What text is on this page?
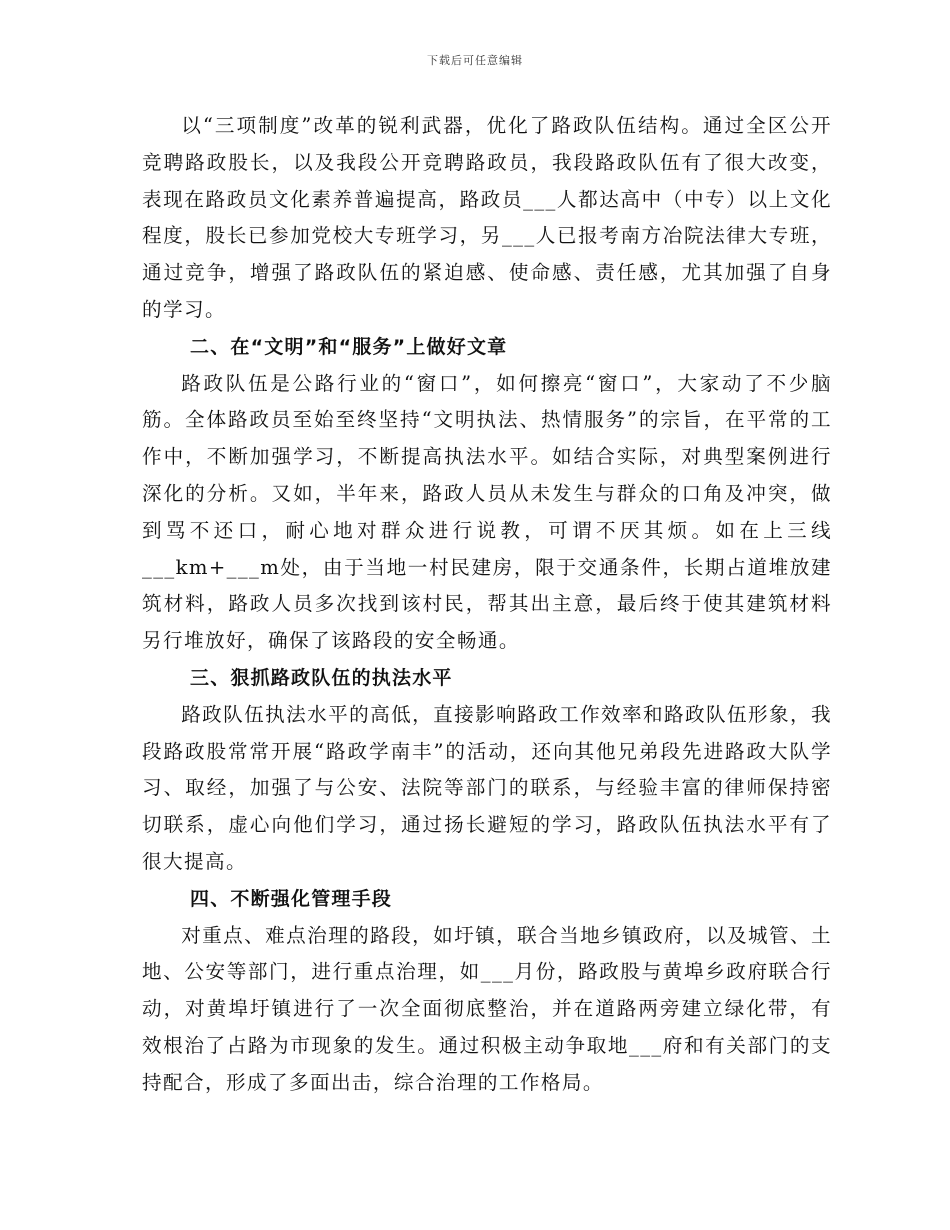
下载后可任意编辑

以“三项制度”改革的锐利武器，优化了路政队伍结构。通过全区公开竞聘路政股长，以及我段公开竞聘路政员，我段路政队伍有了很大改变，表现在路政员文化素养普遍提高，路政员___人都达高中（中专）以上文化程度，股长已参加党校大专班学习，另___人已报考南方冶院法律大专班，通过竞争，增强了路政队伍的紧迫感、使命感、责任感，尤其加强了自身的学习。

二、在“文明”和“服务”上做好文章

路政队伍是公路行业的“窗口”，如何擦亮“窗口”，大家动了不少脑筋。全体路政员至始至终坚持“文明执法、热情服务”的宗旨，在平常的工作中，不断加强学习，不断提高执法水平。如结合实际，对典型案例进行深化的分析。又如，半年来，路政人员从未发生与群众的口角及冲突，做到骂不还口，耐心地对群众进行说教，可谓不厌其烦。如在上三线___km+___m处，由于当地一村民建房，限于交通条件，长期占道堆放建筑材料，路政人员多次找到该村民，帮其出主意，最后终于使其建筑材料另行堆放好，确保了该路段的安全畅通。

三、狠抓路政队伍的执法水平

路政队伍执法水平的高低，直接影响路政工作效率和路政队伍形象，我段路政股常常开展“路政学南丰”的活动，还向其他兄弟段先进路政大队学习、取经，加强了与公安、法院等部门的联系，与经验丰富的律师保持密切联系，虚心向他们学习，通过扬长避短的学习，路政队伍执法水平有了很大提高。

四、不断强化管理手段

对重点、难点治理的路段，如圩镇，联合当地乡镇政府，以及城管、土地、公安等部门，进行重点治理，如___月份，路政股与黄埠乡政府联合行动，对黄埠圩镇进行了一次全面彻底整治，并在道路两旁建立绿化带，有效根治了占路为市现象的发生。通过积极主动争取地___府和有关部门的支持配合，形成了多面出击，综合治理的工作格局。
